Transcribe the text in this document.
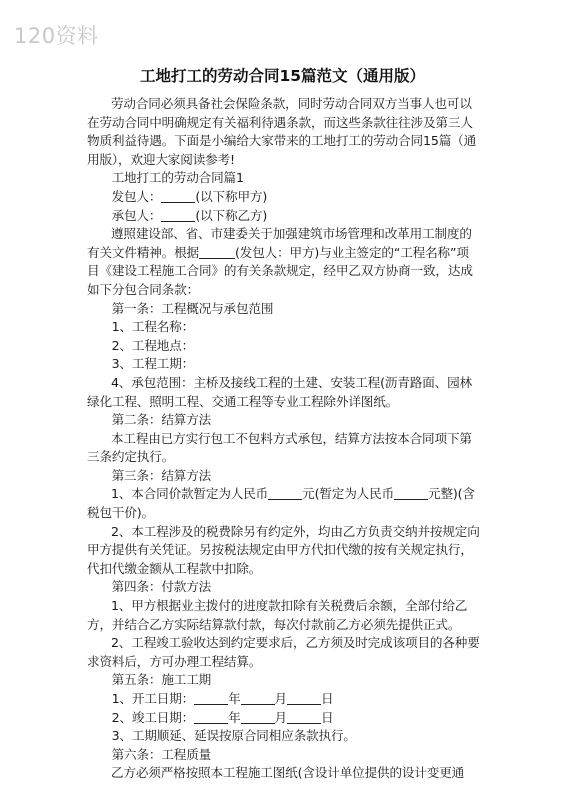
120资料
工地打工的劳动合同15篇范文（通用版）

劳动合同必须具备社会保险条款，同时劳动合同双方当事人也可以在劳动合同中明确规定有关福利待遇条款，而这些条款往往涉及第三人物质利益待遇。下面是小编给大家带来的工地打工的劳动合同15篇（通用版），欢迎大家阅读参考!

工地打工的劳动合同篇1

发包人：	(以下称甲方)

承包人：	(以下称乙方)

遵照建设部、省、市建委关于加强建筑市场管理和改革用工制度的有关文件精神。根据	(发包人：甲方)与业主签定的“工程名称”项目《建设工程施工合同》的有关条款规定，经甲乙双方协商一致，达成如下分包合同条款：

第一条：工程概况与承包范围

1、工程名称：

2、工程地点：

3、工程工期：

4、承包范围：主桥及接线工程的土建、安装工程(沥青路面、园林绿化工程、照明工程、交通工程等专业工程除外详图纸。

第二条：结算方法

本工程由已方实行包工不包料方式承包，结算方法按本合同项下第三条约定执行。

第三条：结算方法

1、本合同价款暂定为人民币	元(暂定为人民币	元整)(含税包干价)。

2、本工程涉及的税费除另有约定外，均由乙方负责交纳并按规定向甲方提供有关凭证。另按税法规定由甲方代扣代缴的按有关规定执行，代扣代缴金额从工程款中扣除。

第四条：付款方法

1、甲方根据业主拨付的进度款扣除有关税费后余额，全部付给乙方，并结合乙方实际结算款付款，每次付款前乙方必须先提供正式。

2、工程竣工验收达到约定要求后，乙方须及时完成该项目的各种要求资料后，方可办理工程结算。

第五条：施工工期

1、开工日期：	年	月	日

2、竣工日期：	年	月	日

3、工期顺延、延误按原合同相应条款执行。

第六条：工程质量

乙方必须严格按照本工程施工图纸(含设计单位提供的设计变更通
